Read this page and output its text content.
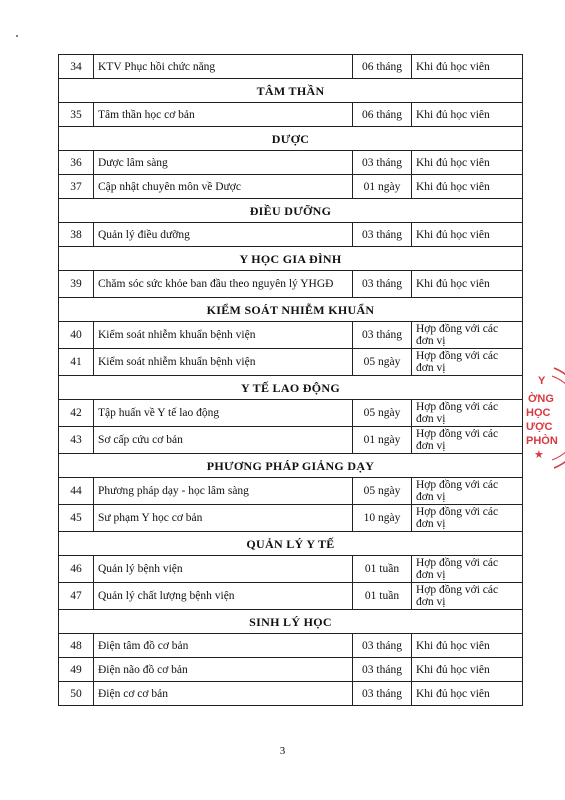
34	KTV Phục hồi chức năng	06 tháng	Khi đủ học viên
TÂM THẦN			
35	Tâm thần học cơ bản	06 tháng	Khi đủ học viên
DƯỢC			
36	Dược lâm sàng	03 tháng	Khi đủ học viên
37	Cập nhật chuyên môn về Dược	01 ngày	Khi đủ học viên
ĐIỀU DƯỠNG			
38	Quản lý điều dưỡng	03 tháng	Khi đủ học viên
Y HỌC GIA ĐÌNH			
39	Chăm sóc sức khỏe ban đầu theo nguyên lý YHGĐ	03 tháng	Khi đủ học viên
KIỂM SOÁT NHIỄM KHUẨN			
40	Kiểm soát nhiễm khuẩn bệnh viện	03 tháng	Hợp đồng với các đơn vị
41	Kiểm soát nhiễm khuẩn bệnh viện	05 ngày	Hợp đồng với các đơn vị
Y TẾ LAO ĐỘNG			
42	Tập huấn về Y tế lao động	05 ngày	Hợp đồng với các đơn vị
43	Sơ cấp cứu cơ bản	01 ngày	Hợp đồng với các đơn vị
PHƯƠNG PHÁP GIẢNG DẠY			
44	Phương pháp dạy - học lâm sàng	05 ngày	Hợp đồng với các đơn vị
45	Sư phạm Y học cơ bản	10 ngày	Hợp đồng với các đơn vị
QUẢN LÝ Y TẾ			
46	Quản lý bệnh viện	01 tuần	Hợp đồng với các đơn vị
47	Quản lý chất lượng bệnh viện	01 tuần	Hợp đồng với các đơn vị
SINH LÝ HỌC			
48	Điện tâm đồ cơ bản	03 tháng	Khi đủ học viên
49	Điện não đồ cơ bản	03 tháng	Khi đủ học viên
50	Điện cơ cơ bản	03 tháng	Khi đủ học viên
3
Y
ỜNG
HỌC
ƯỢC
PHÒN
★
